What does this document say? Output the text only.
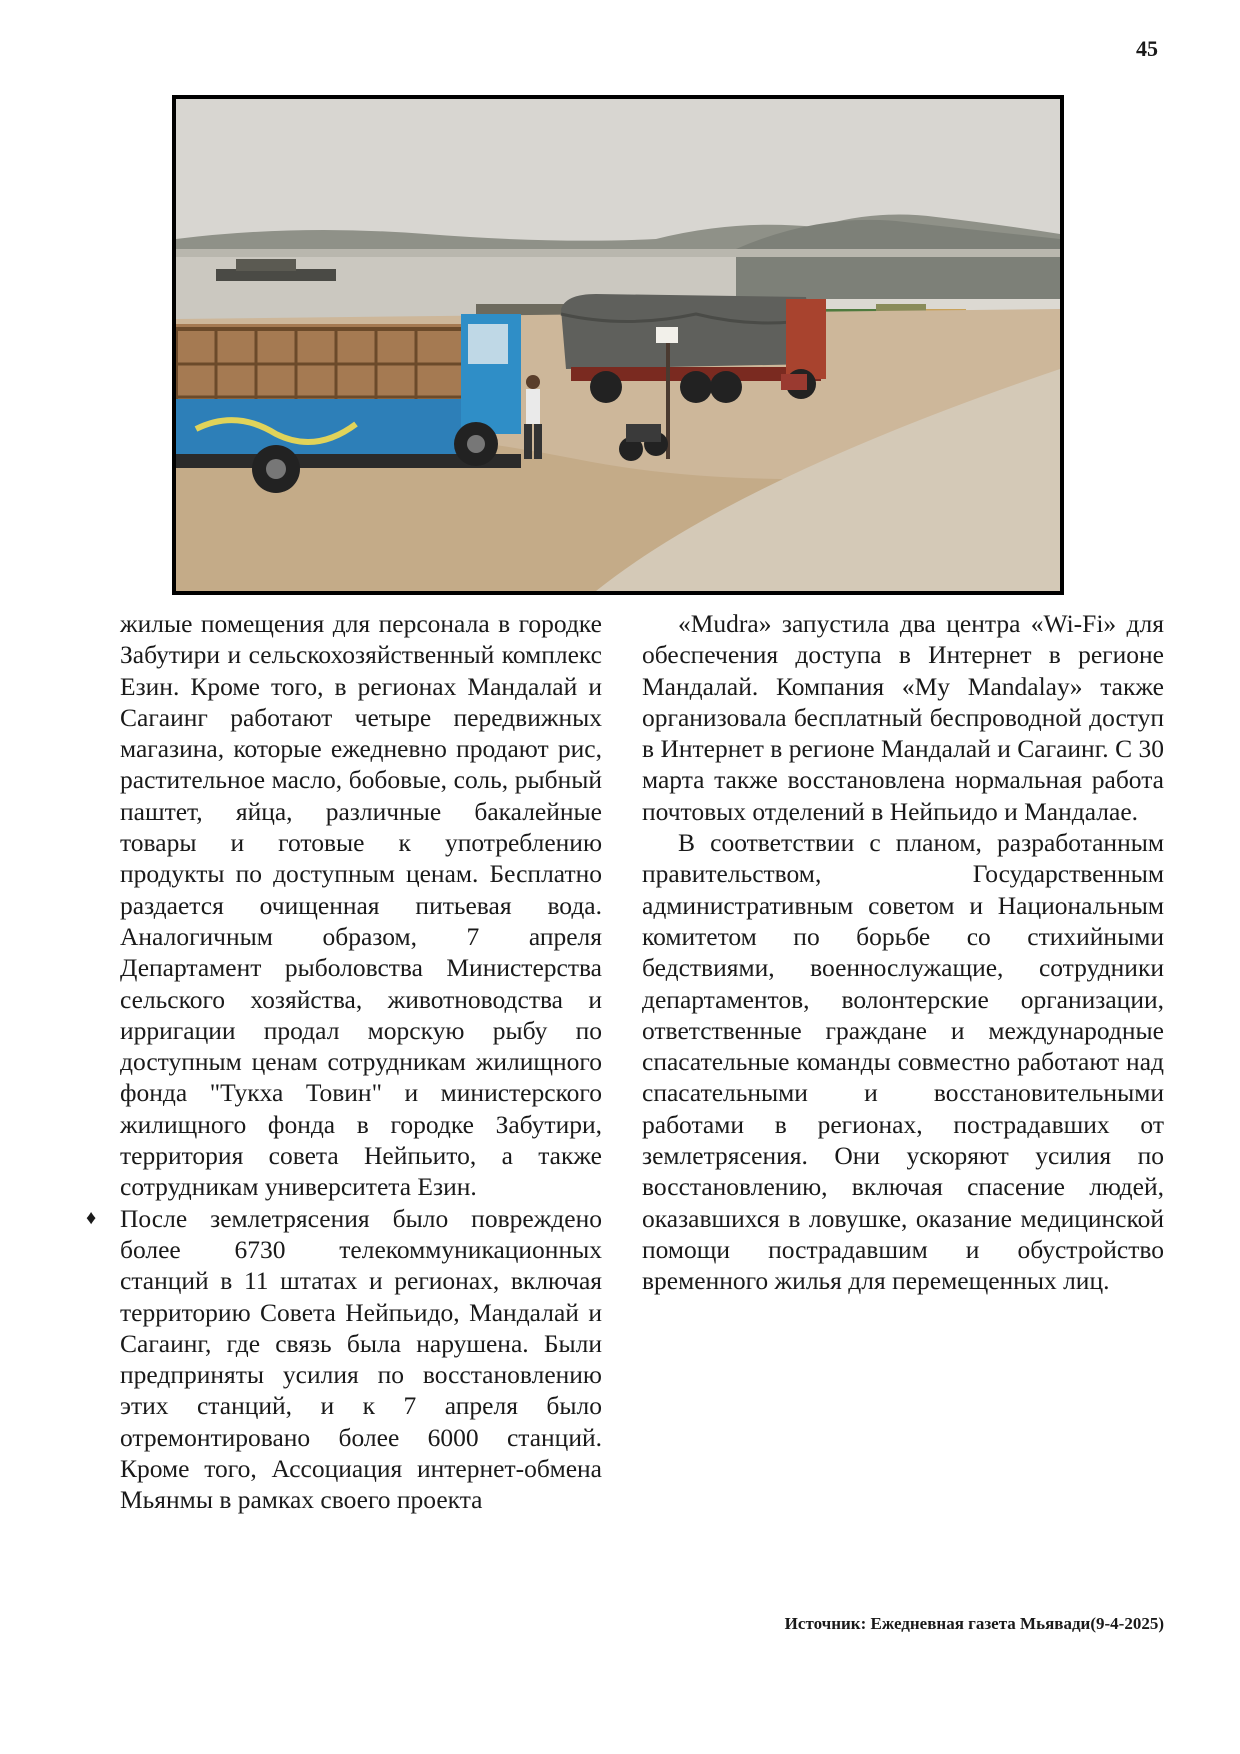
45

жилые помещения для персонала в городке Забутири и сельскохозяйственный комплекс Езин. Кроме того, в регионах Мандалай и Сагаинг работают четыре передвижных магазина, которые ежедневно продают рис, растительное масло, бобовые, соль, рыбный паштет, яйца, различные бакалейные товары и готовые к употреблению продукты по доступным ценам. Бесплатно раздается очищенная питьевая вода. Аналогичным образом, 7 апреля Департамент рыболовства Министерства сельского хозяйства, животноводства и ирригации продал морскую рыбу по доступным ценам сотрудникам жилищного фонда "Тукха Товин" и министерского жилищного фонда в городке Забутири, территория совета Нейпьито, а также сотрудникам университета Езин.

♦ После землетрясения было повреждено более 6730 телекоммуникационных станций в 11 штатах и регионах, включая территорию Совета Нейпьидо, Мандалай и Сагаинг, где связь была нарушена. Были предприняты усилия по восстановлению этих станций, и к 7 апреля было отремонтировано более 6000 станций. Кроме того, Ассоциация интернет-обмена Мьянмы в рамках своего проекта

«Mudra» запустила два центра «Wi-Fi» для обеспечения доступа в Интернет в регионе Мандалай. Компания «My Mandalay» также организовала бесплатный беспроводной доступ в Интернет в регионе Мандалай и Сагаинг. С 30 марта также восстановлена нормальная работа почтовых отделений в Нейпьидо и Мандалае.

В соответствии с планом, разработанным правительством, Государственным административным советом и Национальным комитетом по борьбе со стихийными бедствиями, военнослужащие, сотрудники департаментов, волонтерские организации, ответственные граждане и международные спасательные команды совместно работают над спасательными и восстановительными работами в регионах, пострадавших от землетрясения. Они ускоряют усилия по восстановлению, включая спасение людей, оказавшихся в ловушке, оказание медицинской помощи пострадавшим и обустройство временного жилья для перемещенных лиц.

Источник: Ежедневная газета Мьявади(9-4-2025)
